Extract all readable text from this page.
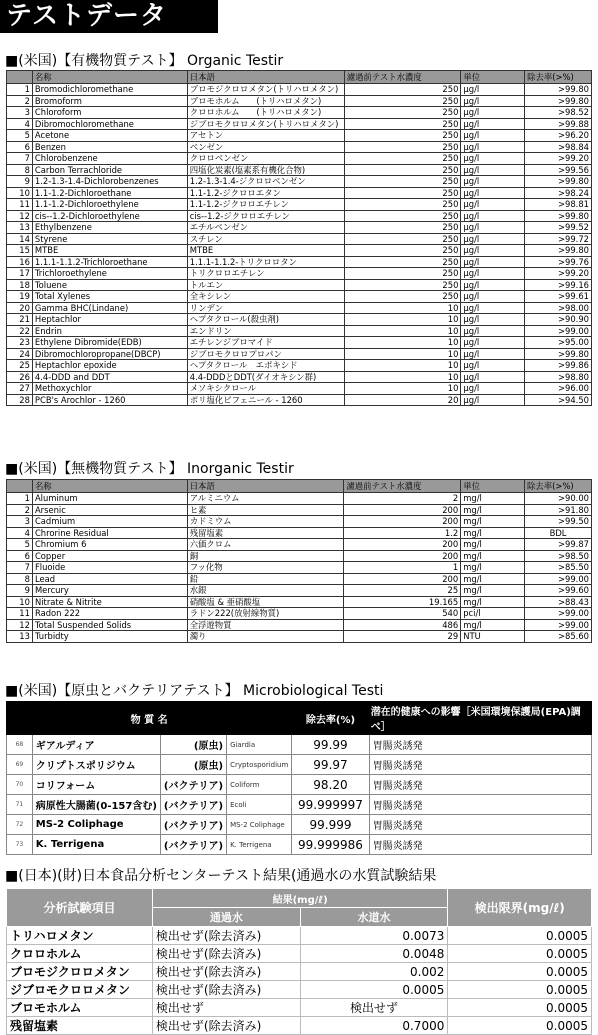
テストデータ
■(米国)【有機物質テスト】 Organic Testir
	名称	日本語	濾過前テスト水濃度	単位	除去率(>%)
1	Bromodichloromethane	ブロモジクロロメタン(トリハロメタン)	250	μg/l	>99.80
2	Bromoform	ブロモホルム　　(トリハロメタン)	250	μg/l	>99.80
3	Chloroform	クロロホルム　　(トリハロメタン)	250	μg/l	>98.52
4	Dibromochloromethane	ジブロモクロロメタン(トリハロメタン)	250	μg/l	>99.88
5	Acetone	アセトン	250	μg/l	>96.20
6	Benzen	ベンゼン	250	μg/l	>98.84
7	Chlorobenzene	クロロベンゼン	250	μg/l	>99.20
8	Carbon Terrachloride	四塩化炭素(塩素系有機化合物)	250	μg/l	>99.56
9	1.2-1.3-1.4-Dichlorobenzenes	1.2-1.3-1.4-ジクロロベンゼン	250	μg/l	>99.80
10	1.1-1.2-Dichloroethane	1.1-1.2-ジクロロエタン	250	μg/l	>98.24
11	1.1-1.2-Dichloroethylene	1.1-1.2-ジクロロエチレン	250	μg/l	>98.81
12	cis--1.2-Dichloroethylene	cis--1.2-ジクロロエチレン	250	μg/l	>99.80
13	Ethylbenzene	エチルベンゼン	250	μg/l	>99.52
14	Styrene	スチレン	250	μg/l	>99.72
15	MTBE	MTBE	250	μg/l	>99.80
16	1.1.1-1.1.2-Trichloroethane	1.1.1-1.1.2-トリクロロタン	250	μg/l	>99.76
17	Trichloroethylene	トリクロロエチレン	250	μg/l	>99.20
18	Toluene	トルエン	250	μg/l	>99.16
19	Total Xylenes	全キシレン	250	μg/l	>99.61
20	Gamma BHC(Lindane)	リンデン	10	μg/l	>98.00
21	Heptachlor	ヘプタクロール(殺虫剤)	10	μg/l	>90.90
22	Endrin	エンドリン	10	μg/l	>99.00
23	Ethylene Dibromide(EDB)	エチレンジブロマイド	10	μg/l	>95.00
24	Dibromochloropropane(DBCP)	ジブロモクロロプロパン	10	μg/l	>99.80
25	Heptachlor epoxide	ヘプタクロール　エポキシド	10	μg/l	>99.86
26	4.4-DDD and DDT	4.4-DDDとDDT(ダイオキシン群)	10	μg/l	>98.80
27	Methoxychlor	メソキシクロール	10	μg/l	>96.00
28	PCB's Arochlor - 1260	ポリ塩化ビフェニール - 1260	20	μg/l	>94.50
■(米国)【無機物質テスト】 Inorganic Testir
	名称	日本語	濾過前テスト水濃度	単位	除去率(>%)
1	Aluminum	アルミニウム	2	mg/l	>90.00
2	Arsenic	ヒ素	200	mg/l	>91.80
3	Cadmium	カドミウム	200	mg/l	>99.50
4	Chrorine Residual	残留塩素	1.2	mg/l	BDL
5	Chromium 6	六価クロム	200	mg/l	>99.87
6	Copper	銅	200	mg/l	>98.50
7	Fluoide	フッ化物	1	mg/l	>85.50
8	Lead	鉛	200	mg/l	>99.00
9	Mercury	水銀	25	mg/l	>99.60
10	Nitrate & Nitrite	硝酸塩 & 亜硝酸塩	19.165	mg/l	>88.43
11	Radon 222	ラドン222(放射線物質)	540	pci/l	>99.00
12	Total Suspended Solids	全浮遊物質	486	mg/l	>99.00
13	Turbidty	濁り	29	NTU	>85.60
■(米国)【原虫とバクテリアテスト】 Microbiological Testi
物 質 名				除去率(%)	潜在的健康への影響［米国環境保護局(EPA)調べ］
68	ギアルディア	(原虫)	Giardia	99.99	胃腸炎誘発
69	クリプトスポリジウム	(原虫)	Cryptosporidium	99.97	胃腸炎誘発
70	コリフォーム	(バクテリア)	Coliform	98.20	胃腸炎誘発
71	病原性大腸菌(0-157含む)	(バクテリア)	Ecoli	99.999997	胃腸炎誘発
72	MS-2 Coliphage	(バクテリア)	MS-2 Coliphage	99.999	胃腸炎誘発
73	K. Terrigena	(バクテリア)	K. Terrigena	99.999986	胃腸炎誘発
■(日本)(財)日本食品分析センターテスト結果(通過水の水質試験結果
分析試験項目	結果(mg/ℓ)		検出限界(mg/ℓ)
	通過水	水道水	
トリハロメタン	検出せず(除去済み)	0.0073	0.0005
クロロホルム	検出せず(除去済み)	0.0048	0.0005
ブロモジクロロメタン	検出せず(除去済み)	0.002	0.0005
ジブロモクロロメタン	検出せず(除去済み)	0.0005	0.0005
ブロモホルム	検出せず	検出せず	0.0005
残留塩素	検出せず(除去済み)	0.7000	0.0005
